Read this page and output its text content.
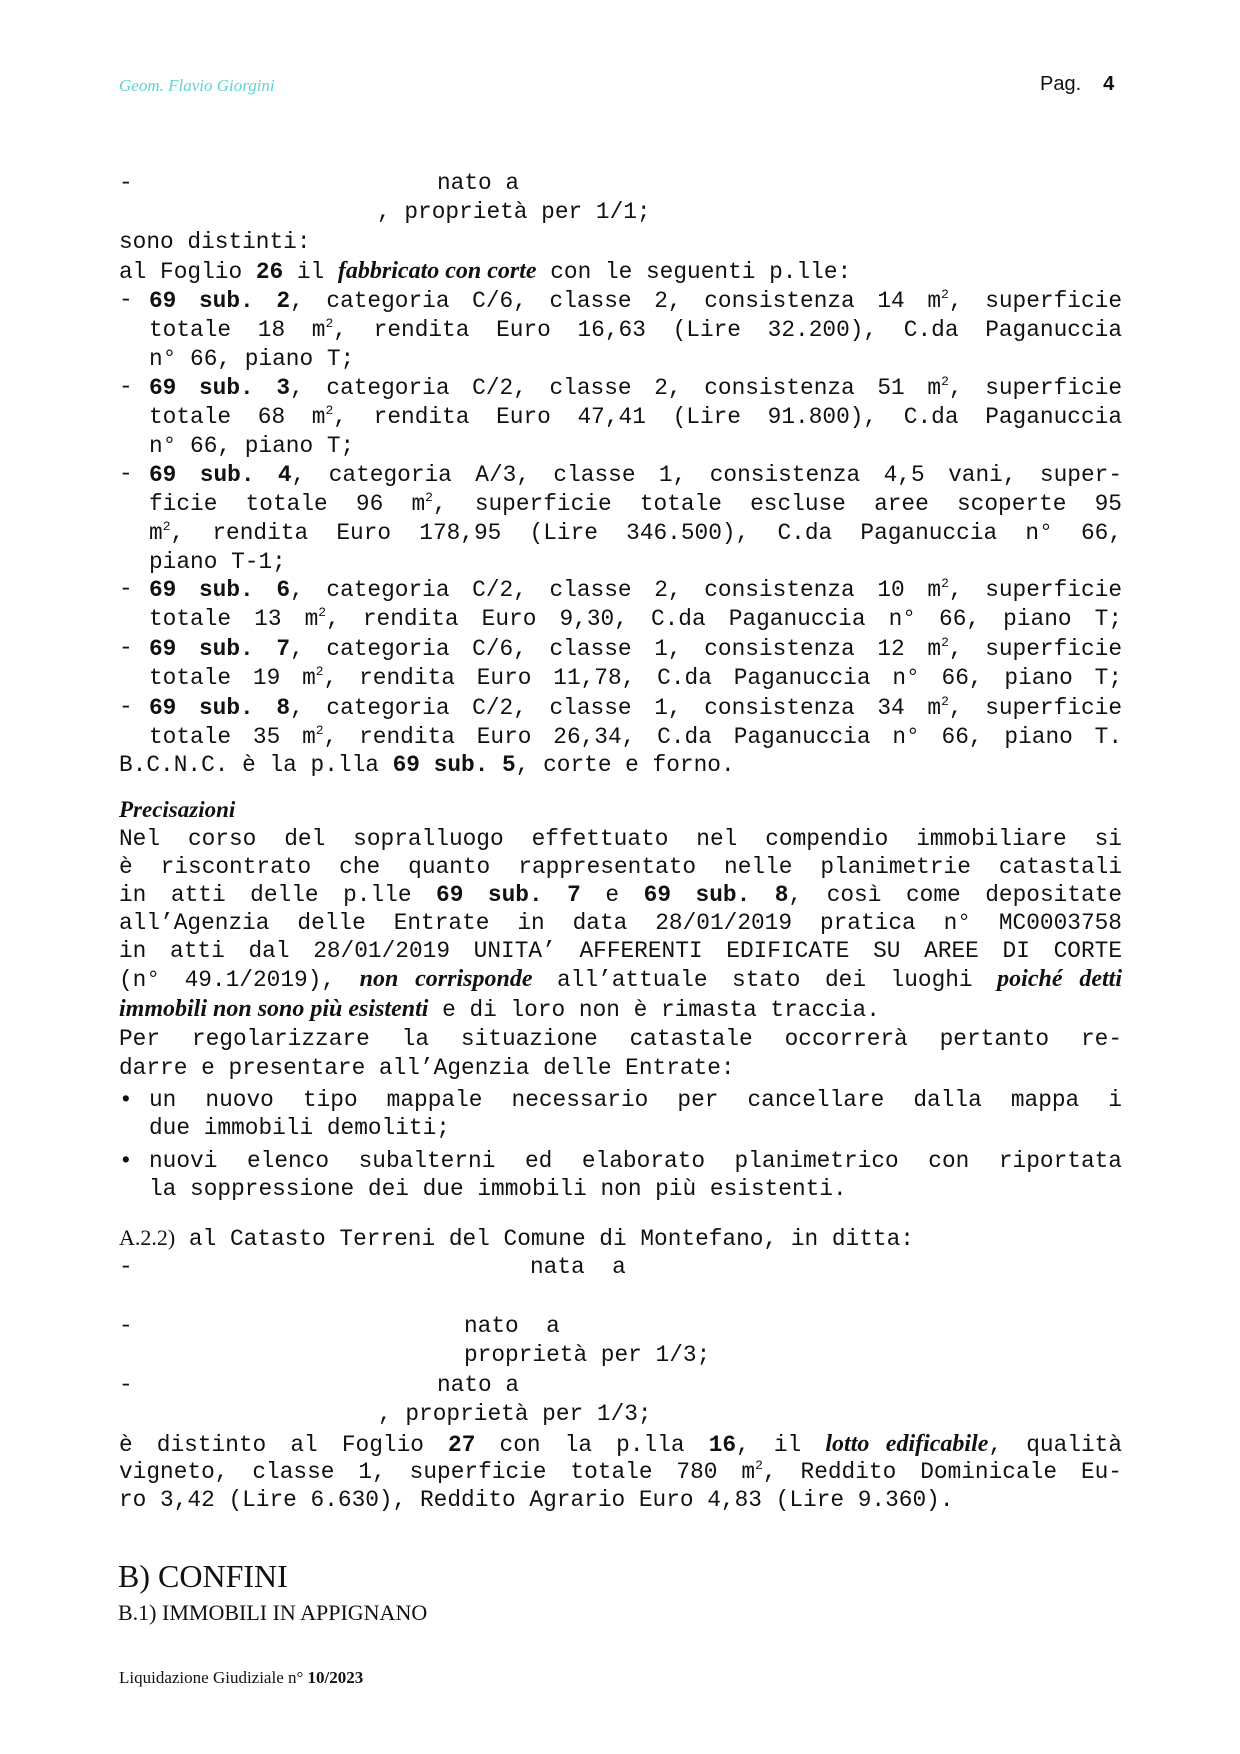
Geom. Flavio Giorgini	Pag. 4
-	nato a
, proprietà per 1/1;
sono distinti:
al Foglio 26 il fabbricato con corte con le seguenti p.lle:
- 69 sub. 2, categoria C/6, classe 2, consistenza 14 $m^2$, superficie
totale 18 $m^2$, rendita Euro 16,63 (Lire 32.200), C.da Paganuccia
n° 66, piano T;
- 69 sub. 3, categoria C/2, classe 2, consistenza 51 $m^2$, superficie
totale 68 $m^2$, rendita Euro 47,41 (Lire 91.800), C.da Paganuccia
n° 66, piano T;
- 69 sub. 4, categoria A/3, classe 1, consistenza 4,5 vani, super-
ficie totale 96 $m^2$, superficie totale escluse aree scoperte 95
$m^2$, rendita Euro 178,95 (Lire 346.500), C.da Paganuccia n° 66,
piano T-1;
- 69 sub. 6, categoria C/2, classe 2, consistenza 10 $m^2$, superficie
totale 13 $m^2$, rendita Euro 9,30, C.da Paganuccia n° 66, piano T;
- 69 sub. 7, categoria C/6, classe 1, consistenza 12 $m^2$, superficie
totale 19 $m^2$, rendita Euro 11,78, C.da Paganuccia n° 66, piano T;
- 69 sub. 8, categoria C/2, classe 1, consistenza 34 $m^2$, superficie
totale 35 $m^2$, rendita Euro 26,34, C.da Paganuccia n° 66, piano T.
B.C.N.C. è la p.lla 69 sub. 5, corte e forno.
Precisazioni
Nel corso del sopralluogo effettuato nel compendio immobiliare si
è riscontrato che quanto rappresentato nelle planimetrie catastali
in atti delle p.lle 69 sub. 7 e 69 sub. 8, così come depositate
all’Agenzia delle Entrate in data 28/01/2019 pratica n° MC0003758
in atti dal 28/01/2019 UNITA’ AFFERENTI EDIFICATE SU AREE DI CORTE
(n° 49.1/2019), non corrisponde all’attuale stato dei luoghi poiché detti
immobili non sono più esistenti e di loro non è rimasta traccia.
Per regolarizzare la situazione catastale occorrerà pertanto re-
darre e presentare all’Agenzia delle Entrate:
• un nuovo tipo mappale necessario per cancellare dalla mappa i
due immobili demoliti;
• nuovi elenco subalterni ed elaborato planimetrico con riportata
la soppressione dei due immobili non più esistenti.
A.2.2) al Catasto Terreni del Comune di Montefano, in ditta:
-	nata  a
-	nato  a
proprietà per 1/3;
-	nato a
, proprietà per 1/3;
è distinto al Foglio 27 con la p.lla 16, il lotto edificabile, qualità
vigneto, classe 1, superficie totale 780 $m^2$, Reddito Dominicale Eu-
ro 3,42 (Lire 6.630), Reddito Agrario Euro 4,83 (Lire 9.360).
B) CONFINI
B.1) IMMOBILI IN APPIGNANO
Liquidazione Giudiziale n° 10/2023
